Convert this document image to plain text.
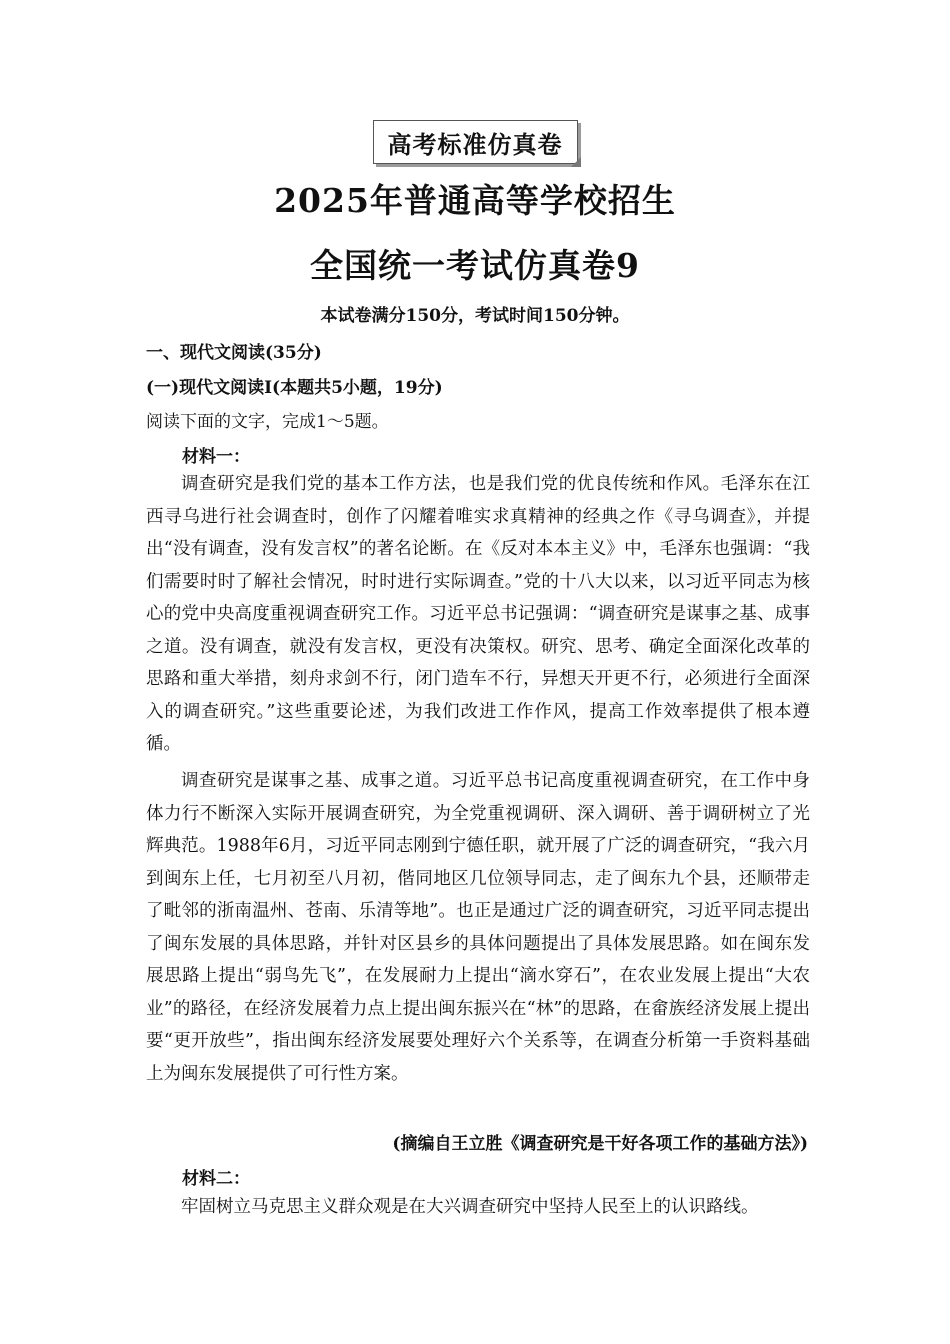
高考标准仿真卷
2025年普通高等学校招生
全国统一考试仿真卷9
本试卷满分150分，考试时间150分钟。
一、现代文阅读(35分)
(一)现代文阅读Ⅰ(本题共5小题，19分)
阅读下面的文字，完成1～5题。
材料一：
调查研究是我们党的基本工作方法，也是我们党的优良传统和作风。毛泽东在江西寻乌进行社会调查时，创作了闪耀着唯实求真精神的经典之作《寻乌调查》，并提出“没有调查，没有发言权”的著名论断。在《反对本本主义》中，毛泽东也强调：“我们需要时时了解社会情况，时时进行实际调查。”党的十八大以来，以习近平同志为核心的党中央高度重视调查研究工作。习近平总书记强调：“调查研究是谋事之基、成事之道。没有调查，就没有发言权，更没有决策权。研究、思考、确定全面深化改革的思路和重大举措，刻舟求剑不行，闭门造车不行，异想天开更不行，必须进行全面深入的调查研究。”这些重要论述，为我们改进工作作风，提高工作效率提供了根本遵循。
调查研究是谋事之基、成事之道。习近平总书记高度重视调查研究，在工作中身体力行不断深入实际开展调查研究，为全党重视调研、深入调研、善于调研树立了光辉典范。1988年6月，习近平同志刚到宁德任职，就开展了广泛的调查研究，“我六月到闽东上任，七月初至八月初，偕同地区几位领导同志，走了闽东九个县，还顺带走了毗邻的浙南温州、苍南、乐清等地”。也正是通过广泛的调查研究，习近平同志提出了闽东发展的具体思路，并针对区县乡的具体问题提出了具体发展思路。如在闽东发展思路上提出“弱鸟先飞”，在发展耐力上提出“滴水穿石”，在农业发展上提出“大农业”的路径，在经济发展着力点上提出闽东振兴在“林”的思路，在畲族经济发展上提出要“更开放些”，指出闽东经济发展要处理好六个关系等，在调查分析第一手资料基础上为闽东发展提供了可行性方案。
(摘编自王立胜《调查研究是干好各项工作的基础方法》)
材料二：
牢固树立马克思主义群众观是在大兴调查研究中坚持人民至上的认识路线。
